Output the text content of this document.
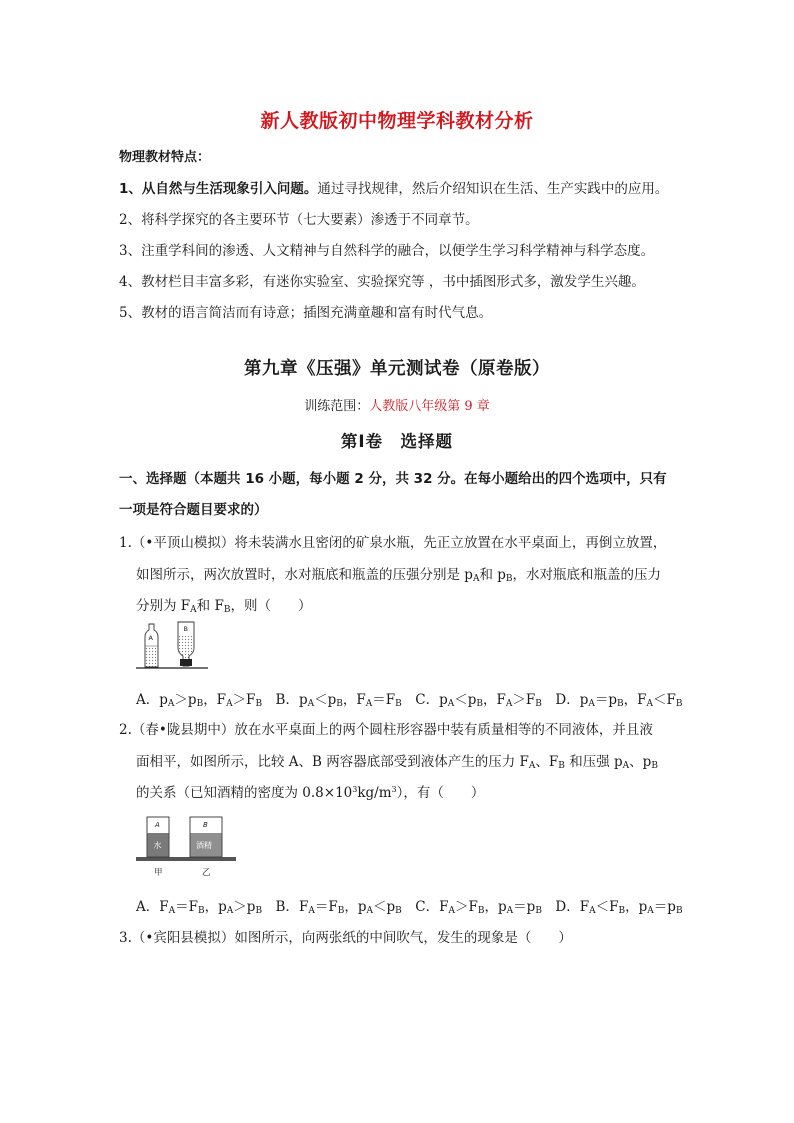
新人教版初中物理学科教材分析
物理教材特点：
1、从自然与生活现象引入问题。通过寻找规律，然后介绍知识在生活、生产实践中的应用。
2、将科学探究的各主要环节（七大要素）渗透于不同章节。
3、注重学科间的渗透、人文精神与自然科学的融合，以便学生学习科学精神与科学态度。
4、教材栏目丰富多彩，有迷你实验室、实验探究等 ，书中插图形式多，激发学生兴趣。
5、教材的语言简洁而有诗意；插图充满童趣和富有时代气息。
第九章《压强》单元测试卷（原卷版）
训练范围：人教版八年级第 9 章
第Ⅰ卷　选择题
一、选择题（本题共 16 小题，每小题 2 分，共 32 分。在每小题给出的四个选项中，只有
一项是符合题目要求的）
1.（•平顶山模拟）将未装满水且密闭的矿泉水瓶，先正立放置在水平桌面上，再倒立放置，
如图所示，两次放置时，水对瓶底和瓶盖的压强分别是 $p_A$和 $p_B$，水对瓶底和瓶盖的压力
分别为 $F_A$和 $F_B$，则（　　）
A
B
A．$p_A>p_B$，$F_A>F_B$　B．$p_A<p_B$，$F_A=F_B$　C．$p_A<p_B$，$F_A>F_B$　D．$p_A=p_B$，$F_A<F_B$
2.（春•陇县期中）放在水平桌面上的两个圆柱形容器中装有质量相等的不同液体，并且液
面相平，如图所示，比较 A、B 两容器底部受到液体产生的压力 $F_A$、$F_B$ 和压强 $p_A$、$p_B$
的关系（已知酒精的密度为 $0.8\times 10^3kg/m^3$），有（　　）
A	B
水	酒精
甲	乙
A．$F_A=F_B$，$p_A>p_B$　B．$F_A=F_B$，$p_A<p_B$　C．$F_A>F_B$，$p_A=p_B$　D．$F_A<F_B$，$p_A=p_B$
3.（•宾阳县模拟）如图所示，向两张纸的中间吹气，发生的现象是（　　）
